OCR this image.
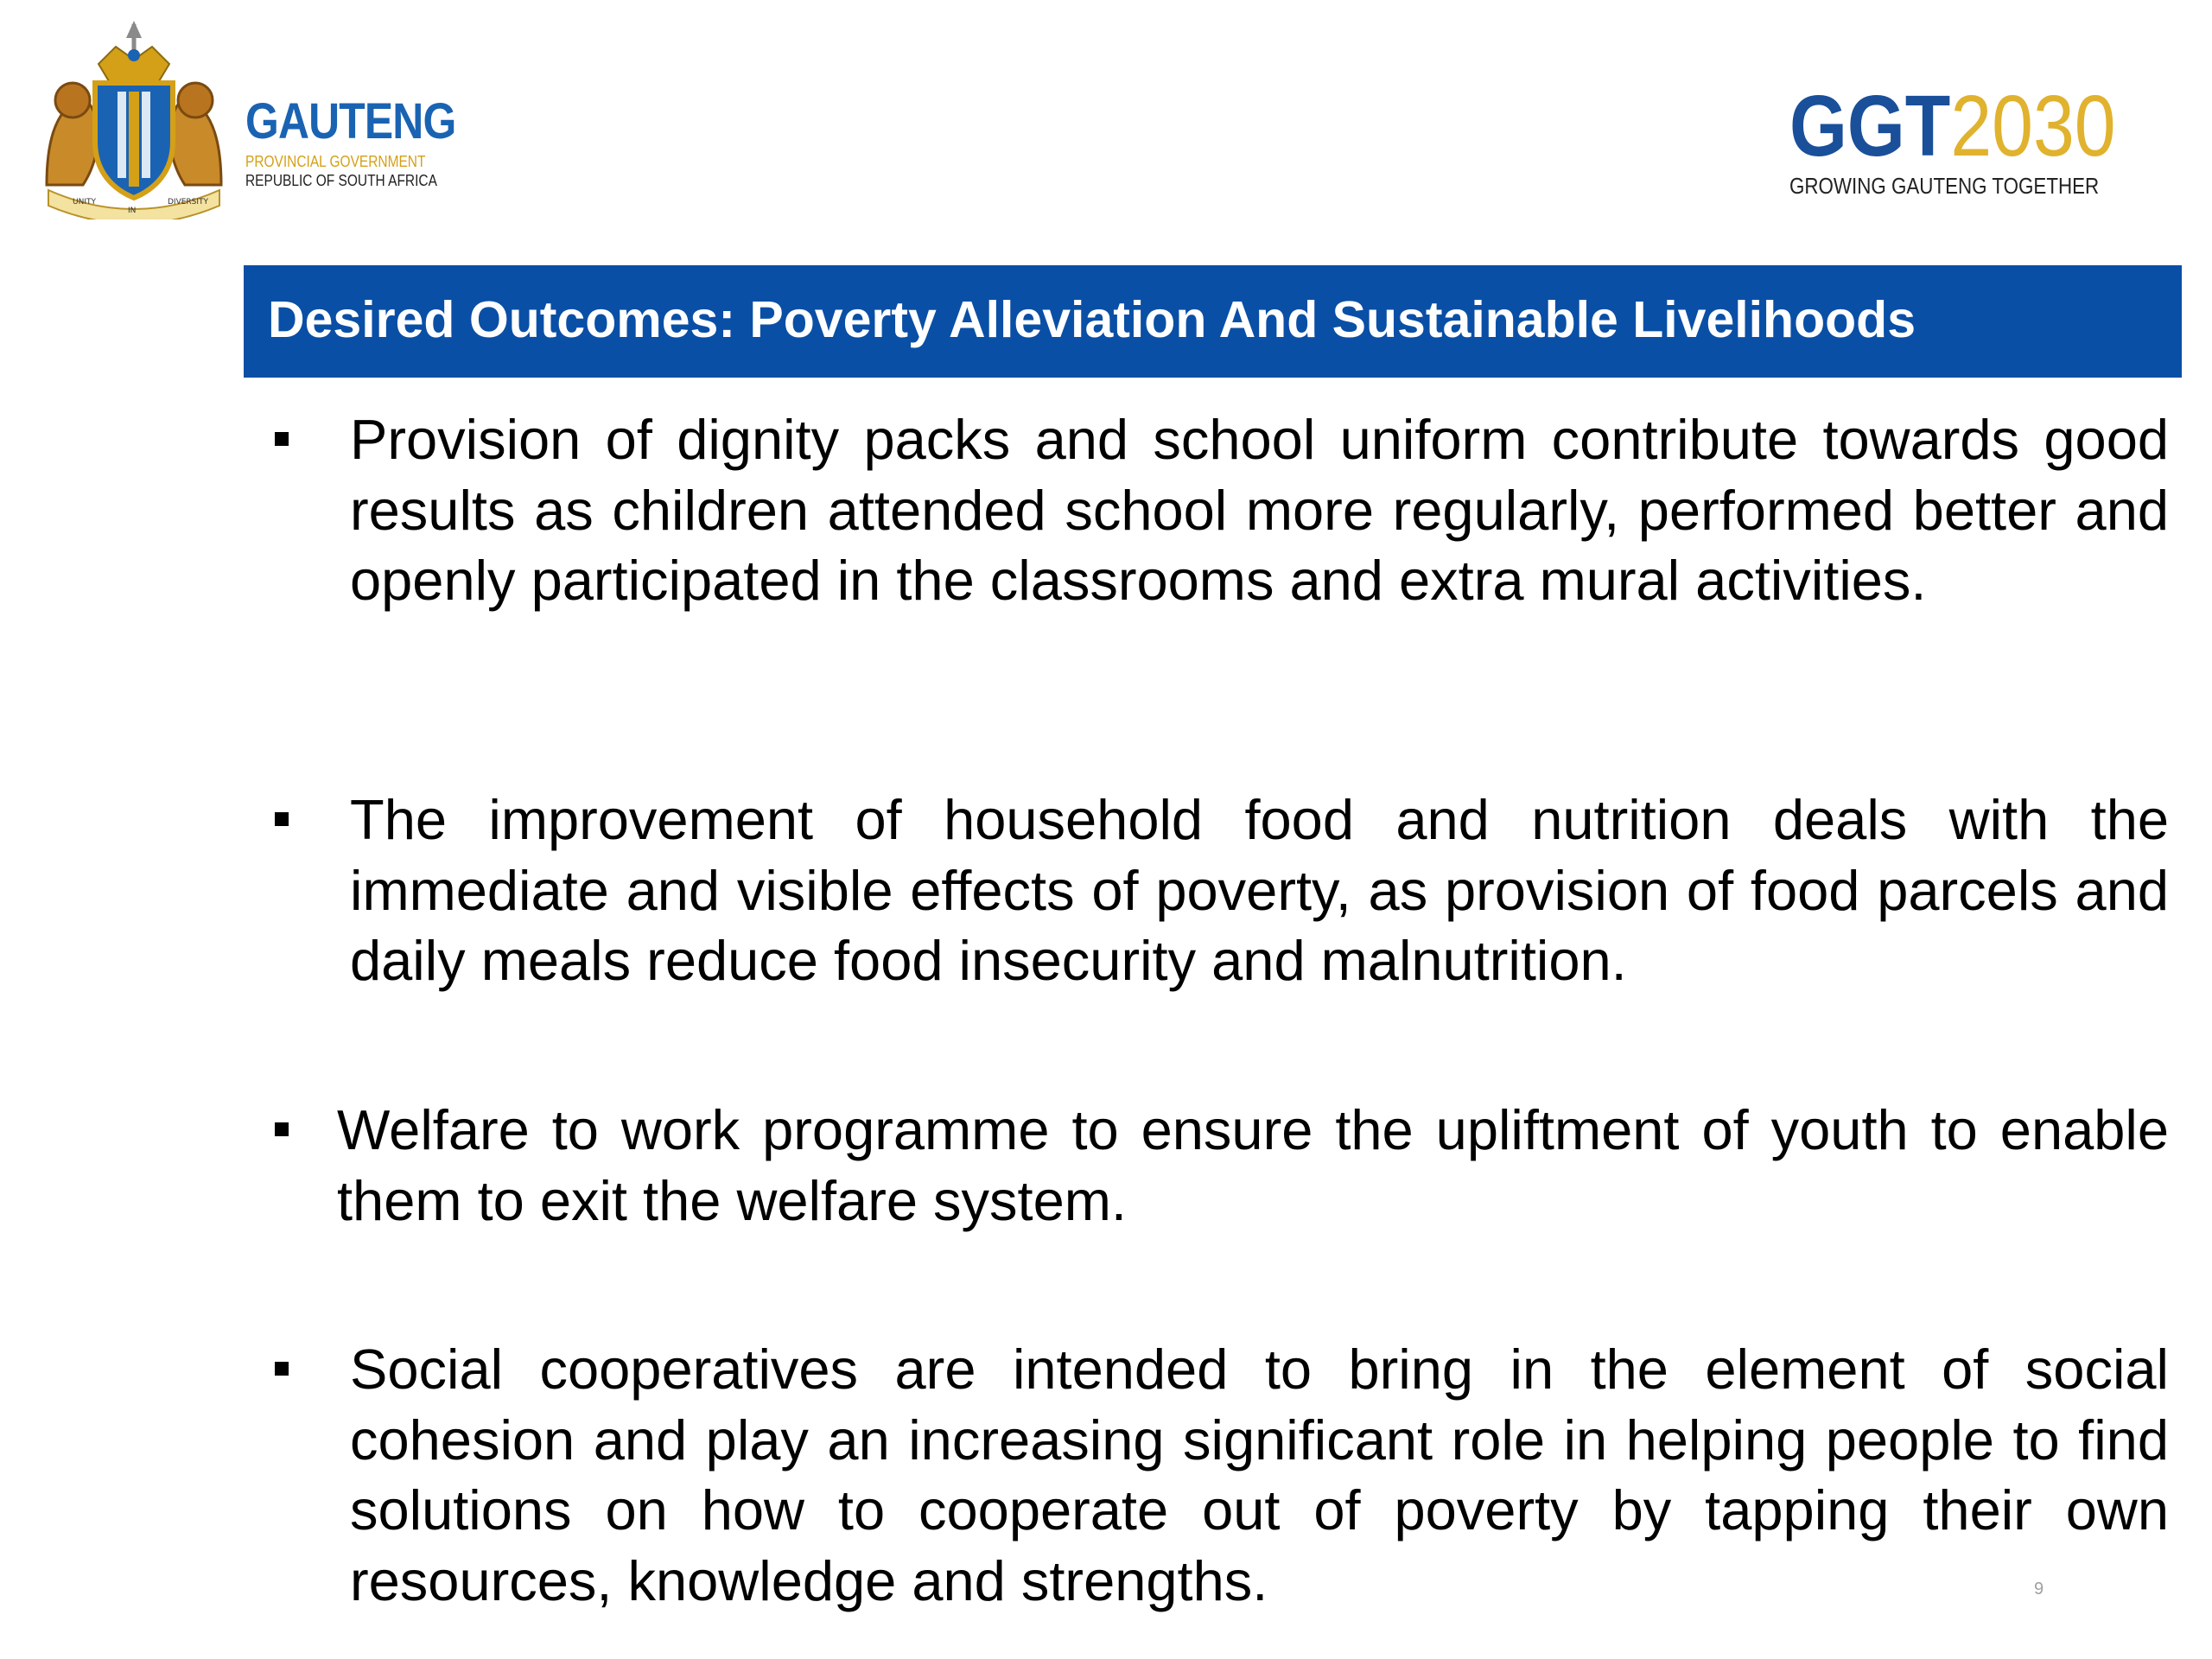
UNITY
IN
DIVERSITY
GAUTENG
PROVINCIAL GOVERNMENT
REPUBLIC OF SOUTH AFRICA
GGT2030
GROWING GAUTENG TOGETHER
Desired Outcomes: Poverty Alleviation And Sustainable Livelihoods
Provision of dignity packs and school uniform contribute towards good results as children attended school more regularly, performed better and openly participated in the classrooms and extra mural activities.
The improvement of household food and nutrition deals with the immediate and visible effects of poverty, as provision of food parcels and daily meals reduce food insecurity and malnutrition.
Welfare to work programme to ensure the upliftment of youth to enable them to exit the welfare system.
Social cooperatives are intended to bring in the element of social cohesion and play an increasing significant role in helping people to find solutions on how to cooperate out of poverty by tapping their own resources, knowledge and strengths.	9
